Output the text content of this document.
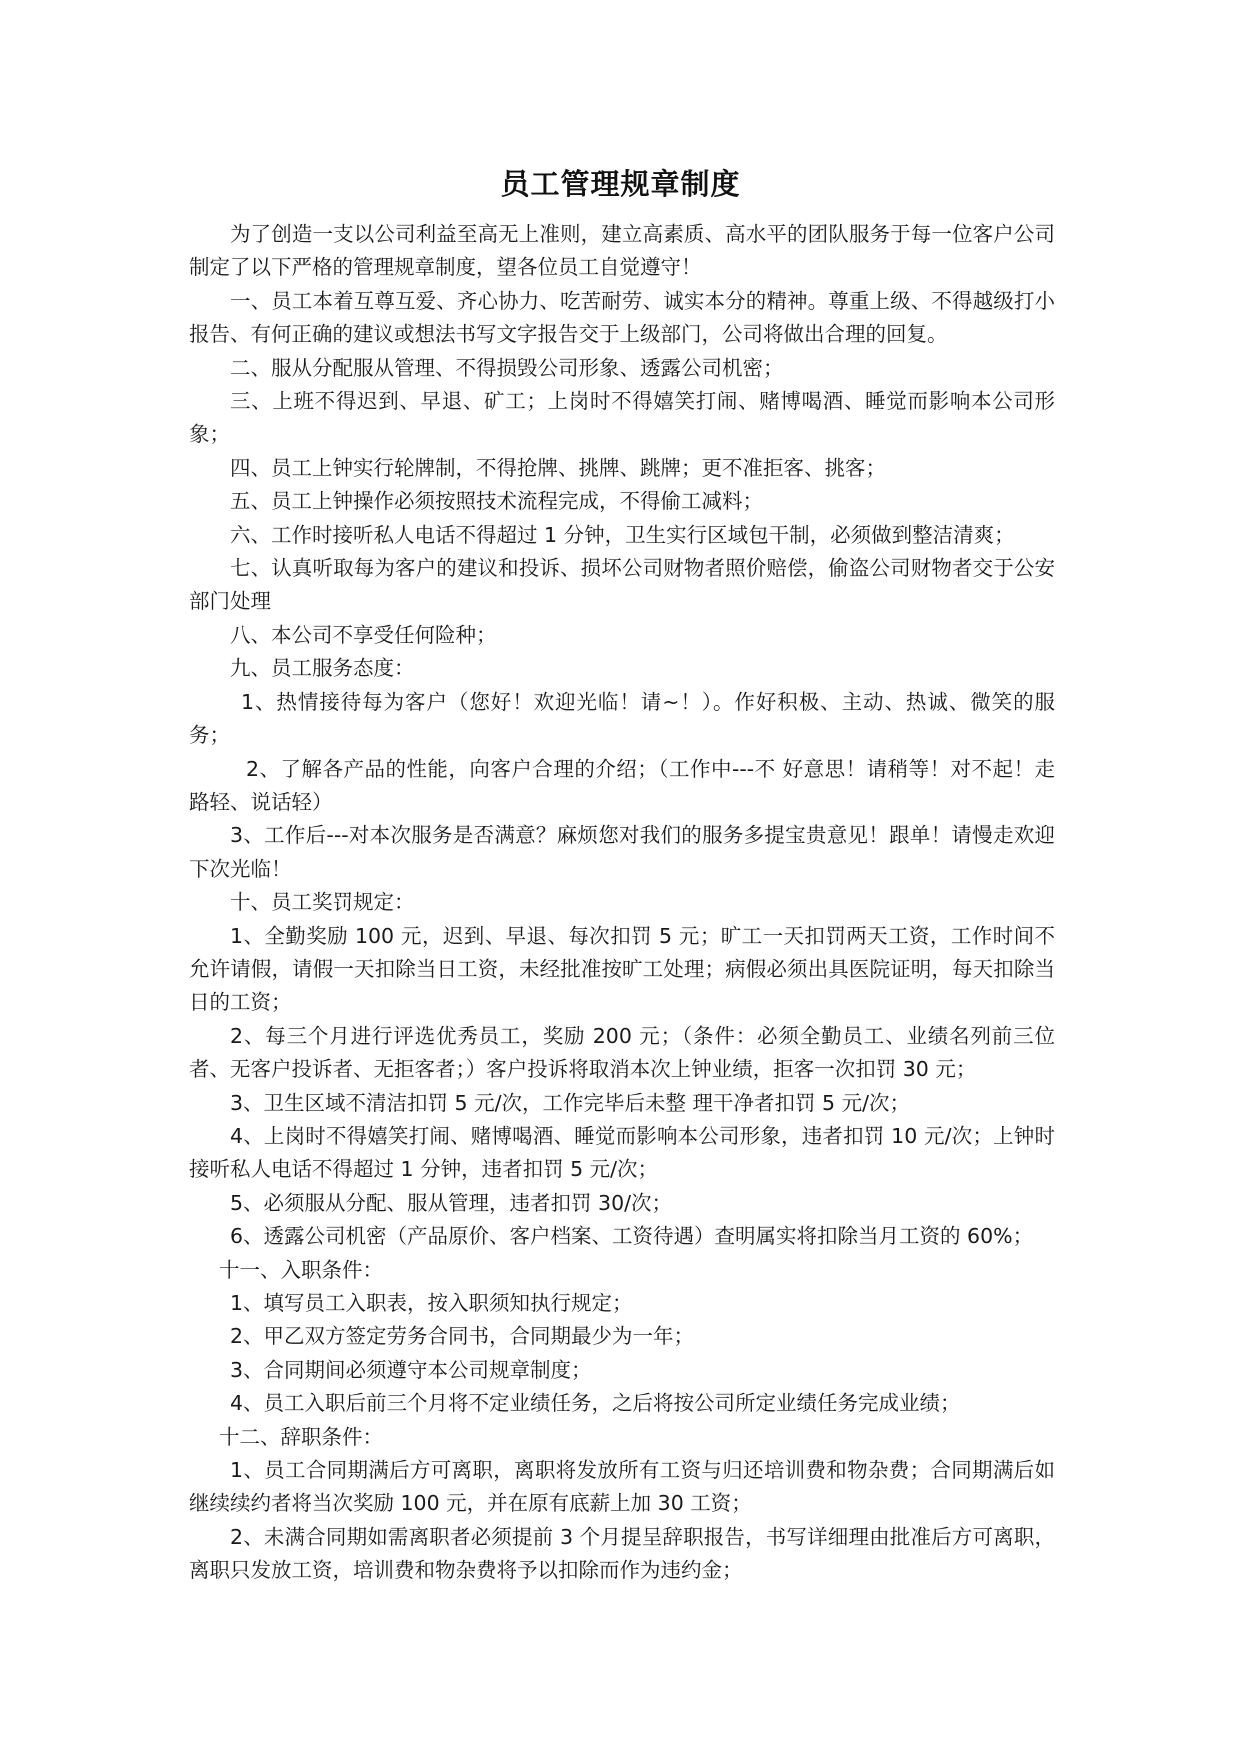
员工管理规章制度

为了创造一支以公司利益至高无上准则，建立高素质、高水平的团队服务于每一位客户公司制定了以下严格的管理规章制度，望各位员工自觉遵守！

一、员工本着互尊互爱、齐心协力、吃苦耐劳、诚实本分的精神。尊重上级、不得越级打小报告、有何正确的建议或想法书写文字报告交于上级部门，公司将做出合理的回复。

二、服从分配服从管理、不得损毁公司形象、透露公司机密；

三、上班不得迟到、早退、矿工；上岗时不得嬉笑打闹、赌博喝酒、睡觉而影响本公司形象；

四、员工上钟实行轮牌制，不得抢牌、挑牌、跳牌；更不准拒客、挑客；

五、员工上钟操作必须按照技术流程完成，不得偷工减料；

六、工作时接听私人电话不得超过 1 分钟，卫生实行区域包干制，必须做到整洁清爽；

七、认真听取每为客户的建议和投诉、损坏公司财物者照价赔偿，偷盗公司财物者交于公安部门处理

八、本公司不享受任何险种；

九、员工服务态度：

1、热情接待每为客户（您好！欢迎光临！请~！）。作好积极、主动、热诚、微笑的服务；

2、了解各产品的性能，向客户合理的介绍；（工作中---不 好意思！请稍等！对不起！走路轻、说话轻）

3、工作后---对本次服务是否满意？麻烦您对我们的服务多提宝贵意见！跟单！请慢走欢迎下次光临！

十、员工奖罚规定：

1、全勤奖励 100 元，迟到、早退、每次扣罚 5 元；旷工一天扣罚两天工资，工作时间不允许请假，请假一天扣除当日工资，未经批准按旷工处理；病假必须出具医院证明，每天扣除当日的工资；

2、每三个月进行评选优秀员工，奖励 200 元；（条件：必须全勤员工、业绩名列前三位者、无客户投诉者、无拒客者；）客户投诉将取消本次上钟业绩，拒客一次扣罚 30 元；

3、卫生区域不清洁扣罚 5 元/次，工作完毕后未整 理干净者扣罚 5 元/次；

4、上岗时不得嬉笑打闹、赌博喝酒、睡觉而影响本公司形象，违者扣罚 10 元/次；上钟时接听私人电话不得超过 1 分钟，违者扣罚 5 元/次；

5、必须服从分配、服从管理，违者扣罚 30/次；

6、透露公司机密（产品原价、客户档案、工资待遇）查明属实将扣除当月工资的 60%；

十一、入职条件：

1、填写员工入职表，按入职须知执行规定；

2、甲乙双方签定劳务合同书，合同期最少为一年；

3、合同期间必须遵守本公司规章制度；

4、员工入职后前三个月将不定业绩任务，之后将按公司所定业绩任务完成业绩；

十二、辞职条件：

1、员工合同期满后方可离职，离职将发放所有工资与归还培训费和物杂费；合同期满后如继续续约者将当次奖励 100 元，并在原有底薪上加 30 工资；

2、未满合同期如需离职者必须提前 3 个月提呈辞职报告，书写详细理由批准后方可离职，离职只发放工资，培训费和物杂费将予以扣除而作为违约金；
